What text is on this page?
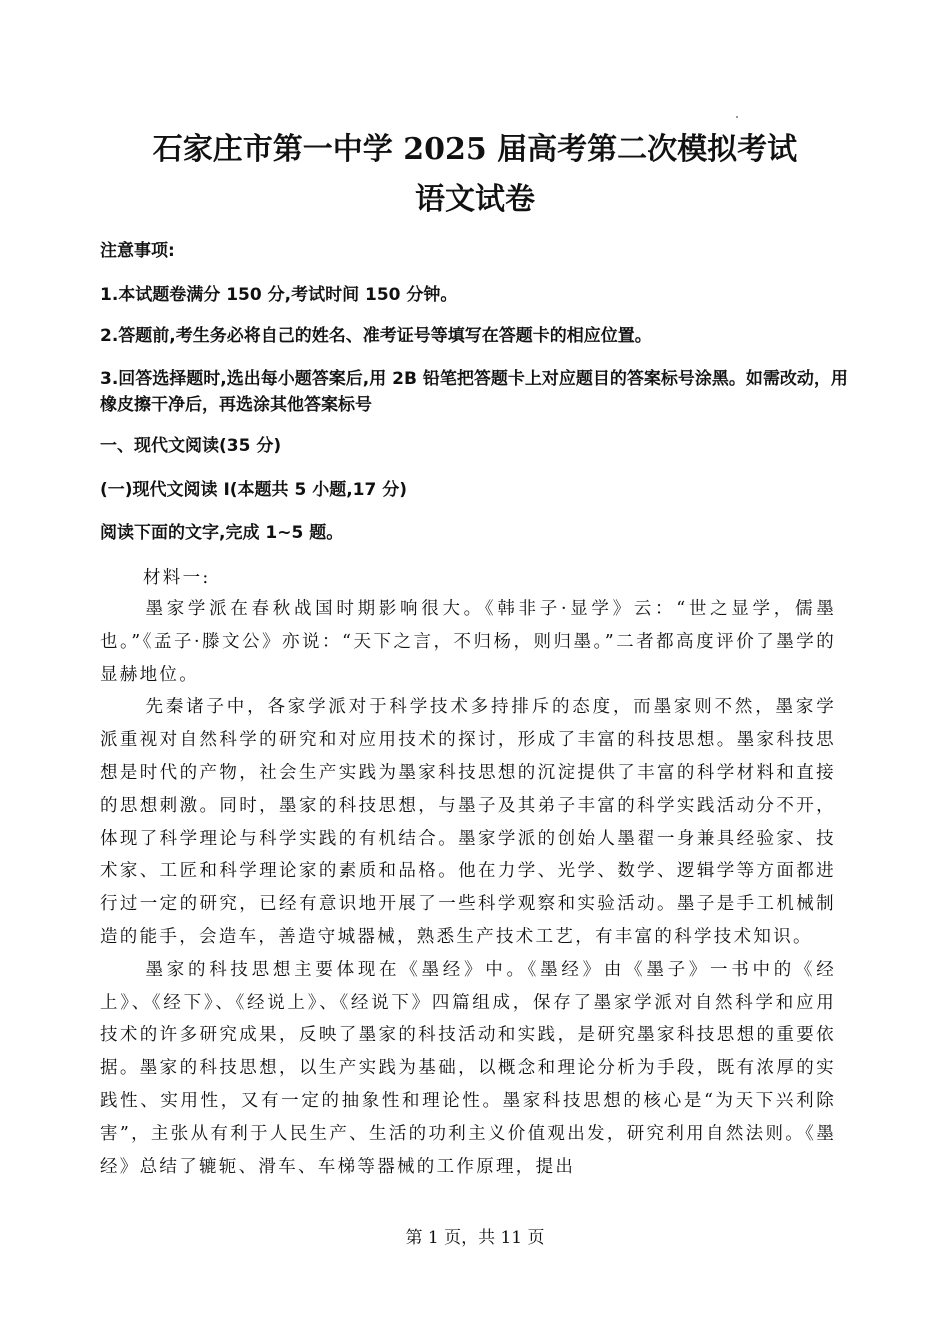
石家庄市第一中学 2025 届高考第二次模拟考试
语文试卷
注意事项:
1.本试题卷满分 150 分,考试时间 150 分钟。
2.答题前,考生务必将自己的姓名、准考证号等填写在答题卡的相应位置。
3.回答选择题时,选出每小题答案后,用 2B 铅笔把答题卡上对应题目的答案标号涂黑。如需改动，用橡皮擦干净后，再选涂其他答案标号
一、现代文阅读(35 分)
(一)现代文阅读 I(本题共 5 小题,17 分)
阅读下面的文字,完成 1~5 题。
材料一:

墨家学派在春秋战国时期影响很大。《韩非子·显学》云：“世之显学，儒墨也。”《孟子·滕文公》亦说：“天下之言，不归杨，则归墨。”二者都高度评价了墨学的显赫地位。

先秦诸子中，各家学派对于科学技术多持排斥的态度，而墨家则不然，墨家学派重视对自然科学的研究和对应用技术的探讨，形成了丰富的科技思想。墨家科技思想是时代的产物，社会生产实践为墨家科技思想的沉淀提供了丰富的科学材料和直接的思想刺激。同时，墨家的科技思想，与墨子及其弟子丰富的科学实践活动分不开，体现了科学理论与科学实践的有机结合。墨家学派的创始人墨翟一身兼具经验家、技术家、工匠和科学理论家的素质和品格。他在力学、光学、数学、逻辑学等方面都进行过一定的研究，已经有意识地开展了一些科学观察和实验活动。墨子是手工机械制造的能手，会造车，善造守城器械，熟悉生产技术工艺，有丰富的科学技术知识。

墨家的科技思想主要体现在《墨经》中。《墨经》由《墨子》一书中的《经上》、《经下》、《经说上》、《经说下》四篇组成，保存了墨家学派对自然科学和应用技术的许多研究成果，反映了墨家的科技活动和实践，是研究墨家科技思想的重要依据。墨家的科技思想，以生产实践为基础，以概念和理论分析为手段，既有浓厚的实践性、实用性，又有一定的抽象性和理论性。墨家科技思想的核心是“为天下兴利除害”，主张从有利于人民生产、生活的功利主义价值观出发，研究利用自然法则。《墨经》总结了辘轭、滑车、车梯等器械的工作原理，提出

第 1 页，共 11 页
